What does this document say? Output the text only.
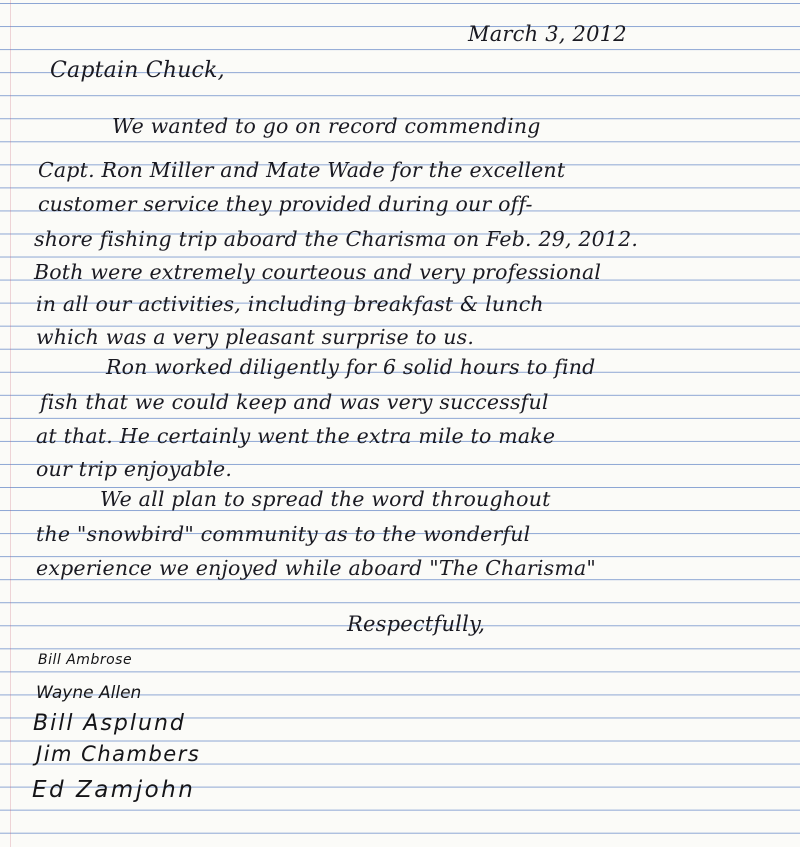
March 3, 2012

Captain Chuck,

We wanted to go on record commending

Capt. Ron Miller and Mate Wade for the excellent

customer service they provided during our off-

shore fishing trip aboard the Charisma on Feb. 29, 2012.

Both were extremely courteous and very professional

in all our activities, including breakfast & lunch

which was a very pleasant surprise to us.

Ron worked diligently for 6 solid hours to find

fish that we could keep and was very successful

at that. He certainly went the extra mile to make

our trip enjoyable.

We all plan to spread the word throughout

the "snowbird" community as to the wonderful

experience we enjoyed while aboard "The Charisma"

Respectfully,

Bill Ambrose

Wayne Allen

Bill Asplund

Jim Chambers

Ed Zamjohn
